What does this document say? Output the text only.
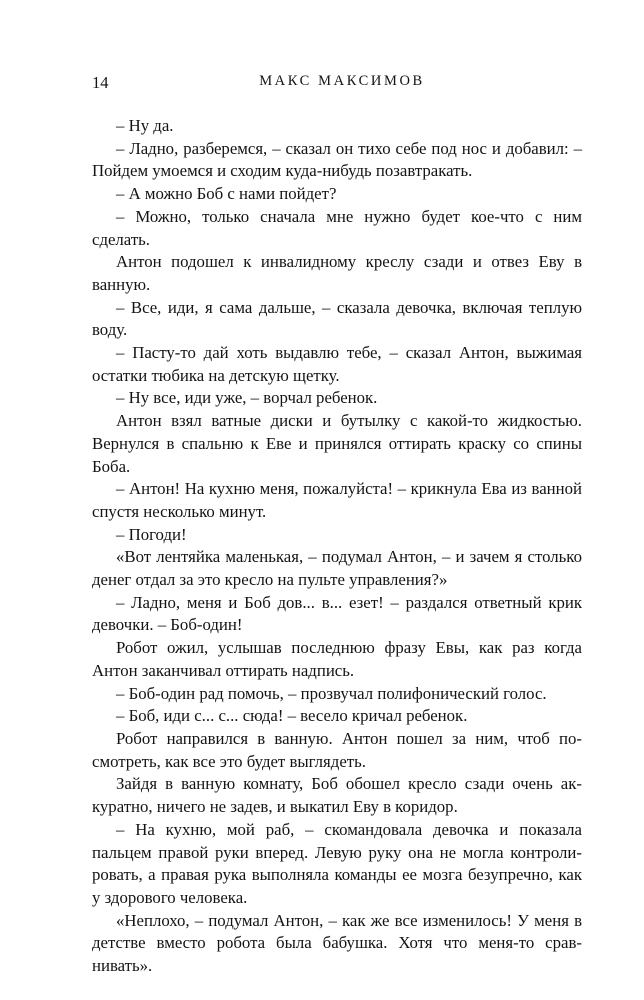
14	МАКС МАКСИМОВ

– Ну да.

– Ладно, разберемся, – сказал он тихо себе под нос и добавил: – Пойдем умоемся и сходим куда-нибудь позавтракать.

– А можно Боб с нами пойдет?

– Можно, только сначала мне нужно будет кое-что с ним сделать.

Антон подошел к инвалидному креслу сзади и отвез Еву в ванную.

– Все, иди, я сама дальше, – сказала девочка, включая теплую воду.

– Пасту-то дай хоть выдавлю тебе, – сказал Антон, выжимая остатки тюбика на детскую щетку.

– Ну все, иди уже, – ворчал ребенок.

Антон взял ватные диски и бутылку с какой-то жидкостью. Вернулся в спальню к Еве и принялся оттирать краску со спины Боба.

– Антон! На кухню меня, пожалуйста! – крикнула Ева из ванной спустя несколько минут.

– Погоди!

«Вот лентяйка маленькая, – подумал Антон, – и зачем я столько денег отдал за это кресло на пульте управления?»

– Ладно, меня и Боб дов... в... езет! – раздался ответный крик девочки. – Боб-один!

Робот ожил, услышав последнюю фразу Евы, как раз когда Антон заканчивал оттирать надпись.

– Боб-один рад помочь, – прозвучал полифонический голос.

– Боб, иди с... с... сюда! – весело кричал ребенок.

Робот направился в ванную. Антон пошел за ним, чтоб посмотреть, как все это будет выглядеть.

Зайдя в ванную комнату, Боб обошел кресло сзади очень аккуратно, ничего не задев, и выкатил Еву в коридор.

– На кухню, мой раб, – скомандовала девочка и показала пальцем правой руки вперед. Левую руку она не могла контролировать, а правая рука выполняла команды ее мозга безупречно, как у здорового человека.

«Неплохо, – подумал Антон, – как же все изменилось! У меня в детстве вместо робота была бабушка. Хотя что меня-то сравнивать».
